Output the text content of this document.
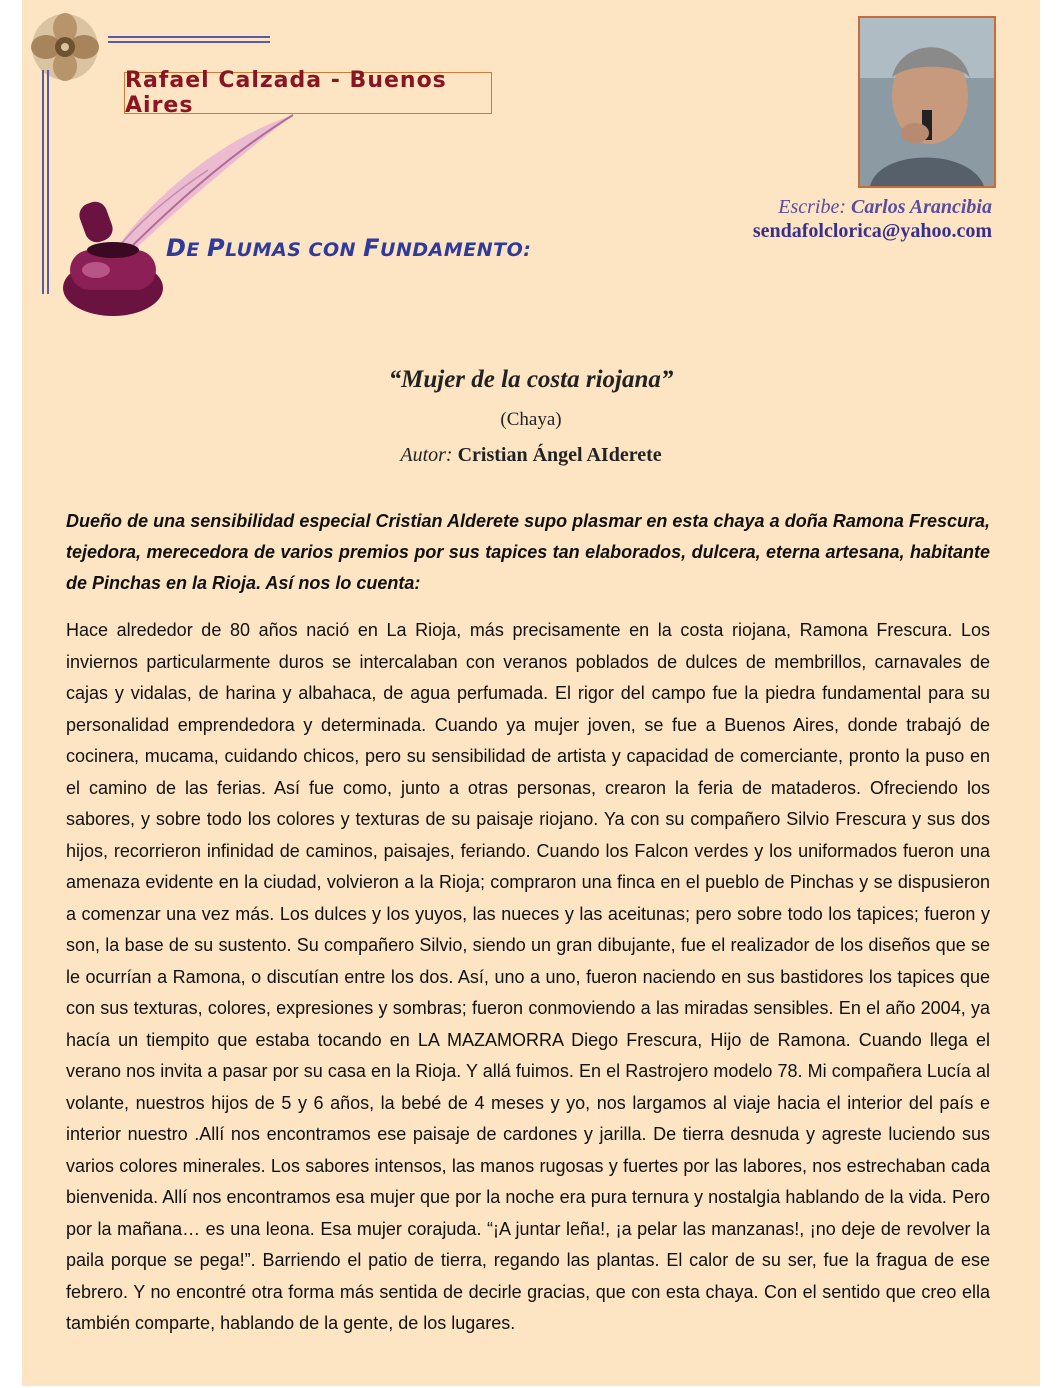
Rafael Calzada - Buenos Aires
DE PLUMAS CON FUNDAMENTO:
Escribe: Carlos Arancibia
sendafolclorica@yahoo.com
“Mujer de la costa riojana”
(Chaya)
Autor: Cristian Ángel AIderete
Dueño de una sensibilidad especial Cristian Alderete supo plasmar en esta chaya a doña Ramona Frescura, tejedora, merecedora de varios premios por sus tapices tan elaborados, dulcera, eterna artesana, habitante de Pinchas en la Rioja. Así nos lo cuenta:
Hace alrededor de 80 años nació en La Rioja, más precisamente en la costa riojana, Ramona Frescura. Los inviernos particularmente duros se intercalaban con veranos poblados de dulces de membrillos, carnavales de cajas y vidalas, de harina y albahaca, de agua perfumada. El rigor del campo fue la piedra fundamental para su personalidad emprendedora y determinada. Cuando ya mujer joven, se fue a Buenos Aires, donde trabajó de cocinera, mucama, cuidando chicos, pero su sensibilidad de artista y capacidad de comerciante, pronto la puso en el camino de las ferias. Así fue como, junto a otras personas, crearon la feria de mataderos. Ofreciendo los sabores, y sobre todo los colores y texturas de su paisaje riojano. Ya con su compañero Silvio Frescura y sus dos hijos, recorrieron infinidad de caminos, paisajes, feriando. Cuando los Falcon verdes y los uniformados fueron una amenaza evidente en la ciudad, volvieron a la Rioja; compraron una finca en el pueblo de Pinchas y se dispusieron a comenzar una vez más. Los dulces y los yuyos, las nueces y las aceitunas; pero sobre todo los tapices; fueron y son, la base de su sustento. Su compañero Silvio, siendo un gran dibujante, fue el realizador de los diseños que se le ocurrían a Ramona, o discutían entre los dos. Así, uno a uno, fueron naciendo en sus bastidores los tapices que con sus texturas, colores, expresiones y sombras; fueron conmoviendo a las miradas sensibles. En el año 2004, ya hacía un tiempito que estaba tocando en LA MAZAMORRA Diego Frescura, Hijo de Ramona. Cuando llega el verano nos invita a pasar por su casa en la Rioja. Y allá fuimos. En el Rastrojero modelo 78. Mi compañera Lucía al volante, nuestros hijos de 5 y 6 años, la bebé de 4 meses y yo, nos largamos al viaje hacia el interior del país e interior nuestro .Allí nos encontramos ese paisaje de cardones y jarilla. De tierra desnuda y agreste luciendo sus varios colores minerales. Los sabores intensos, las manos rugosas y fuertes por las labores, nos estrechaban cada bienvenida. Allí nos encontramos esa mujer que por la noche era pura ternura y nostalgia hablando de la vida. Pero por la mañana… es una leona. Esa mujer corajuda. “¡A juntar leña!, ¡a pelar las manzanas!, ¡no deje de revolver la paila porque se pega!”. Barriendo el patio de tierra, regando las plantas. El calor de su ser, fue la fragua de ese febrero. Y no encontré otra forma más sentida de decirle gracias, que con esta chaya. Con el sentido que creo ella también comparte, hablando de la gente, de los lugares.
